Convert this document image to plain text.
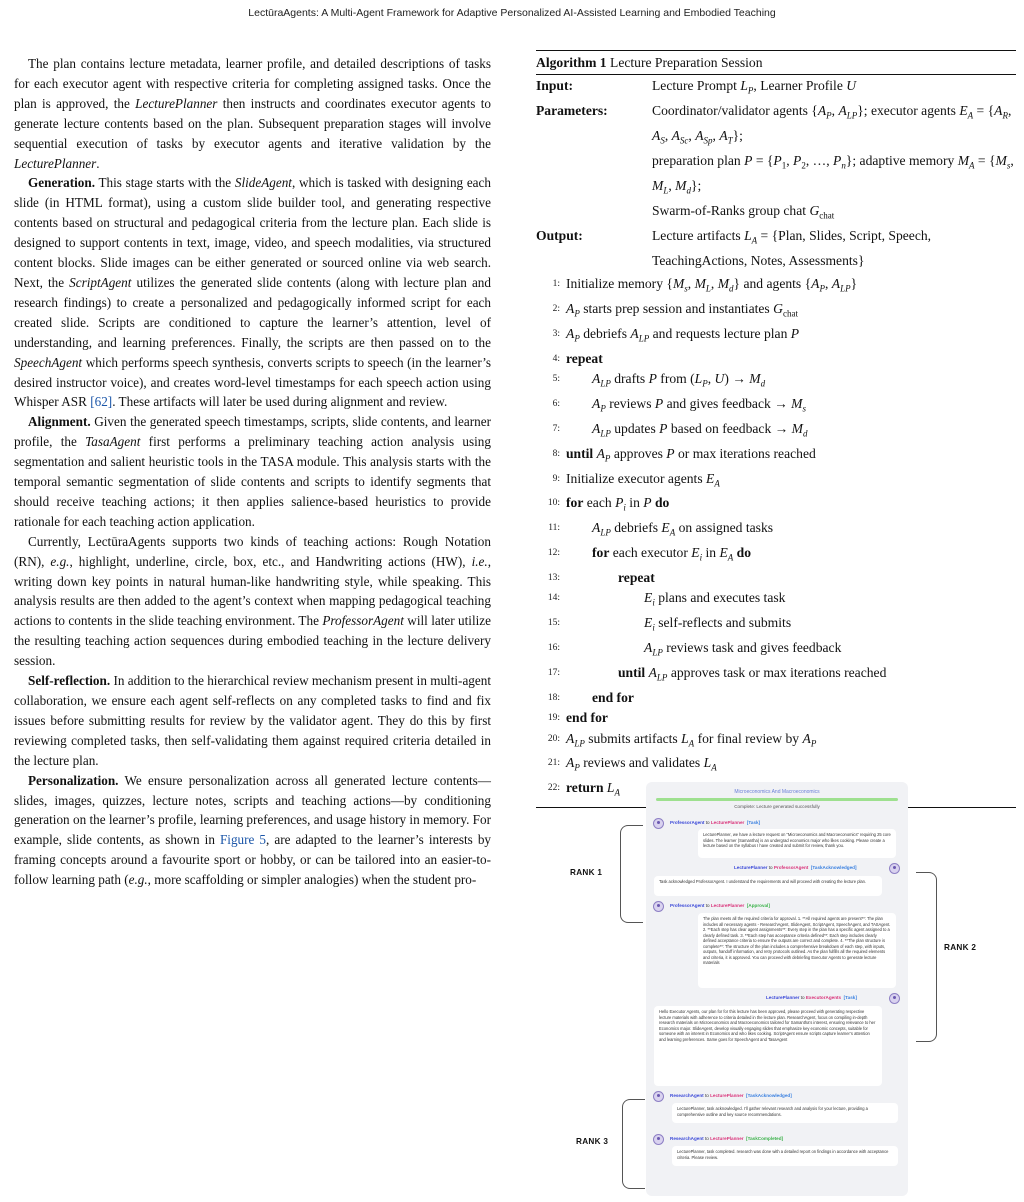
LectūraAgents: A Multi-Agent Framework for Adaptive Personalized AI-Assisted Learning and Embodied Teaching

The plan contains lecture metadata, learner profile, and detailed descriptions of tasks for each executor agent with respective criteria for completing assigned tasks. Once the plan is approved, the LecturePlanner then instructs and coordinates executor agents to generate lecture contents based on the plan. Subsequent preparation stages will involve sequential execution of tasks by executor agents and iterative validation by the LecturePlanner.

Generation. This stage starts with the SlideAgent, which is tasked with designing each slide (in HTML format), using a custom slide builder tool, and generating respective contents based on structural and pedagogical criteria from the lecture plan. Each slide is designed to support contents in text, image, video, and speech modalities, via structured content blocks. Slide images can be either generated or sourced online via web search. Next, the ScriptAgent utilizes the generated slide contents (along with lecture plan and research findings) to create a personalized and pedagogically informed script for each created slide. Scripts are conditioned to capture the learner’s attention, level of understanding, and learning preferences. Finally, the scripts are then passed on to the SpeechAgent which performs speech synthesis, converts scripts to speech (in the learner’s desired instructor voice), and creates word-level timestamps for each speech action using Whisper ASR [62]. These artifacts will later be used during alignment and review.

Alignment. Given the generated speech timestamps, scripts, slide contents, and learner profile, the TasaAgent first performs a preliminary teaching action analysis using segmentation and salient heuristic tools in the TASA module. This analysis starts with the temporal semantic segmentation of slide contents and scripts to identify segments that should receive teaching actions; it then applies salience-based heuristics to provide rationale for each teaching action application.

Currently, LectūraAgents supports two kinds of teaching actions: Rough Notation (RN), e.g., highlight, underline, circle, box, etc., and Handwriting actions (HW), i.e., writing down key points in natural human-like handwriting style, while speaking. This analysis results are then added to the agent’s context when mapping pedagogical teaching actions to contents in the slide teaching environment. The ProfessorAgent will later utilize the resulting teaching action sequences during embodied teaching in the lecture delivery session.

Self-reflection. In addition to the hierarchical review mechanism present in multi-agent collaboration, we ensure each agent self-reflects on any completed tasks to find and fix issues before submitting results for review by the validator agent. They do this by first reviewing completed tasks, then self-validating them against required criteria detailed in the lecture plan.

Personalization. We ensure personalization across all generated lecture contents—slides, images, quizzes, lecture notes, scripts and teaching actions—by conditioning generation on the learner’s profile, learning preferences, and usage history in memory. For example, slide contents, as shown in Figure 5, are adapted to the learner’s interests by framing concepts around a favourite sport or hobby, or can be tailored into an easier-to-follow learning path (e.g., more scaffolding or simpler analogies) when the student pro-

Algorithm 1 Lecture Preparation Session
Input:	Lecture Prompt $L_P$, Learner Profile U
Parameters:	Coordinator/validator agents {$A_P$, $A_{LP}$}; executor agents $E_A = \{A_R$, $A_S$, $A_{Sc}$, $A_{Sp}$, $A_T$};
preparation plan $P = \{P_1$, $P_2$, …, $P_n$}; adaptive memory $M_A = \{M_s$, $M_L$, $M_d$};
Swarm-of-Ranks group chat $G_{chat}$
Output:	Lecture artifacts $L_A$ = {Plan, Slides, Script, Speech, TeachingActions, Notes, Assessments}
1: Initialize memory {$M_s$, $M_L$, $M_d$} and agents {$A_P$, $A_{LP}$}
2: $A_P$ starts prep session and instantiates $G_{chat}$
3: $A_P$ debriefs $A_{LP}$ and requests lecture plan P
4: repeat
5:	$A_{LP}$ drafts P from ($L_P$, $U) \to M_d$
6:	$A_P$ reviews P and gives feedback → $M_s$
7:	$A_{LP}$ updates P based on feedback → $M_d$
8: until $A_P$ approves P or max iterations reached
9: Initialize executor agents $E_A$
10: for each $P_i$ in P do
11:	$A_{LP}$ debriefs $E_A$ on assigned tasks
12:	for each executor $E_i$ in $E_A$ do
13:	repeat
14:	$E_i$ plans and executes task
15:	$E_i$ self-reflects and submits
16:	$A_{LP}$ reviews task and gives feedback
17:	until $A_{LP}$ approves task or max iterations reached
18:	end for
19: end for
20: $A_{LP}$ submits artifacts $L_A$ for final review by $A_P$
21: $A_P$ reviews and validates $L_A$
22: return $L_A$	Microeconomics And Macroeconomics
Complete: Lecture generated successfully
ProfessorAgent to LecturePlanner [Task]
LecturePlanner, we have a lecture request on “Microeconomics and Macroeconomics” requiring 25 core slides. The learner (Samantha) is an undergrad economics major who likes cooking. Please create a lecture based on the syllabus I have created and submit for review, thank you.
LecturePlanner to ProfessorAgent [TaskAcknowledged]
Task acknowledged ProfessorAgent. I understand the requirements and will proceed with creating the lecture plan.
ProfessorAgent to LecturePlanner [Approval]
The plan meets all the required criteria for approval. 1. **All required agents are present**: The plan includes all necessary agents - ResearchAgent, SlideAgent, ScriptAgent, SpeechAgent, and TASAgent. 2. **Each step has clear agent assignments**: Every step in the plan has a specific agent assigned to a clearly defined task. 3. **Each step has acceptance criteria defined**: Each step includes clearly defined acceptance criteria to ensure the outputs are correct and complete. 4. **The plan structure is complete**: The structure of the plan includes a comprehensive breakdown of each step, with inputs, outputs, handoff information, and retry protocols outlined. As the plan fulfills all the required elements and criteria, it is approved. You can proceed with debriefing Executor Agents to generate lecture materials
LecturePlanner to ExecutorAgents [Task]
Hello Executor Agents, our plan for for this lecture has been approved, please proceed with generating respective lecture materials with adherence to criteria detailed in the lecture plan. ResearchAgent, focus on compiling in-depth research materials on Microeconomics and Macroeconomics tailored for Samantha’s interest, ensuring relevance to her Economics major. SlideAgent, develop visually engaging slides that emphasize key economic concepts, suitable for someone with an interest in Economics and who likes cooking. ScriptAgent ensure scripts capture learner’s attention and learning preferences. Same goes for SpeechAgent and TasaAgent
ResearchAgent to LecturePlanner [TaskAcknowledged]
LecturePlanner, task acknowledged. I’ll gather relevant research and analysis for your lecture, providing a comprehensive outline and key source recommendations.
ResearchAgent to LecturePlanner [TaskCompleted]
LecturePlanner, task completed. research was done with a detailed report on findings in accordance with acceptance criteria. Please review.
RANK 1
RANK 2
RANK 3
